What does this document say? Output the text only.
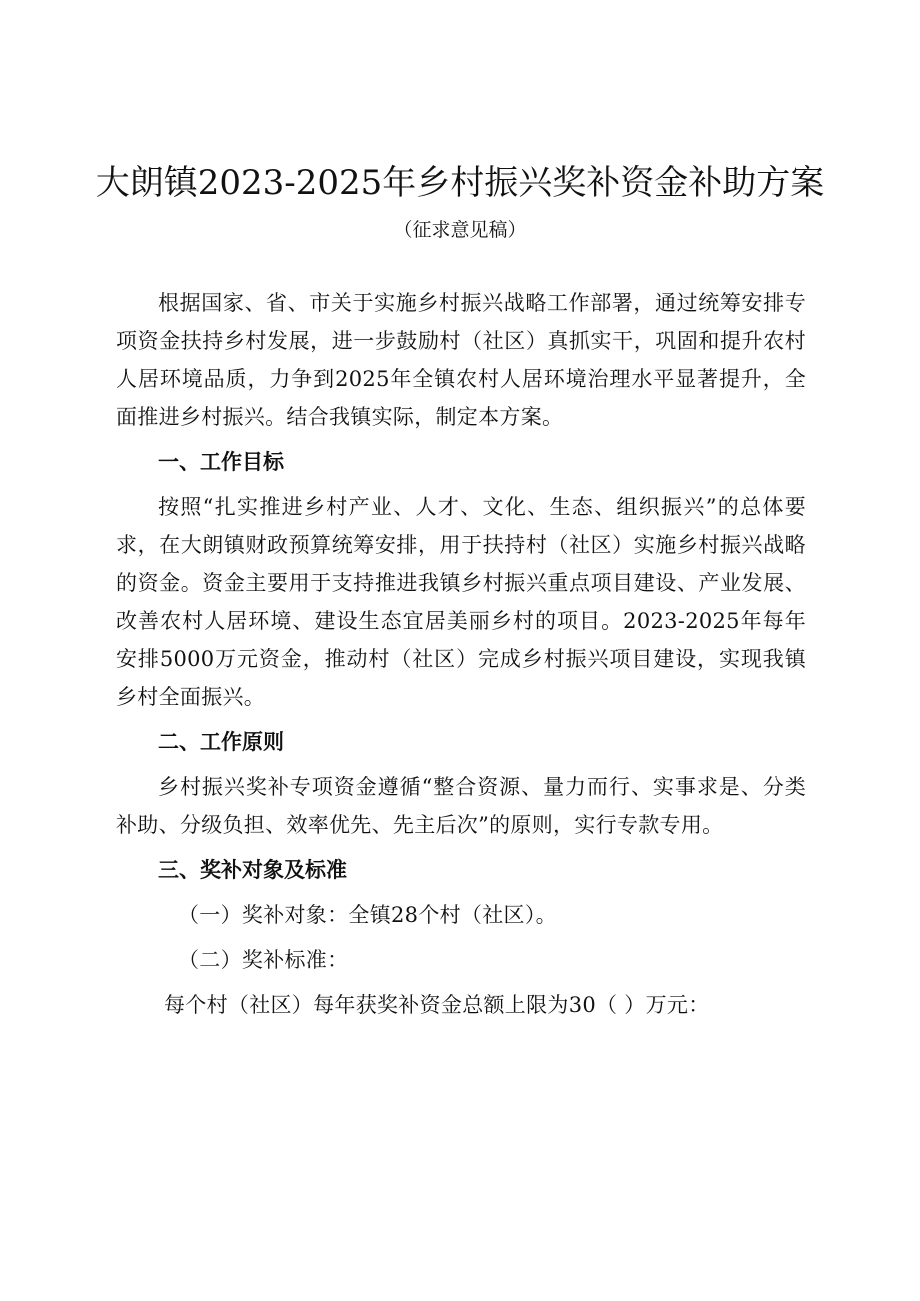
大朗镇2023-2025年乡村振兴奖补资金补助方案
（征求意见稿）

根据国家、省、市关于实施乡村振兴战略工作部署，通过统筹安排专项资金扶持乡村发展，进一步鼓励村（社区）真抓实干，巩固和提升农村人居环境品质，力争到2025年全镇农村人居环境治理水平显著提升，全面推进乡村振兴。结合我镇实际，制定本方案。

一、工作目标

按照“扎实推进乡村产业、人才、文化、生态、组织振兴”的总体要求，在大朗镇财政预算统筹安排，用于扶持村（社区）实施乡村振兴战略的资金。资金主要用于支持推进我镇乡村振兴重点项目建设、产业发展、改善农村人居环境、建设生态宜居美丽乡村的项目。2023-2025年每年安排5000万元资金，推动村（社区）完成乡村振兴项目建设，实现我镇乡村全面振兴。

二、工作原则

乡村振兴奖补专项资金遵循“整合资源、量力而行、实事求是、分类补助、分级负担、效率优先、先主后次”的原则，实行专款专用。

三、奖补对象及标准

（一）奖补对象：全镇28个村（社区）。

（二）奖补标准：

每个村（社区）每年获奖补资金总额上限为30（ ）万元：
